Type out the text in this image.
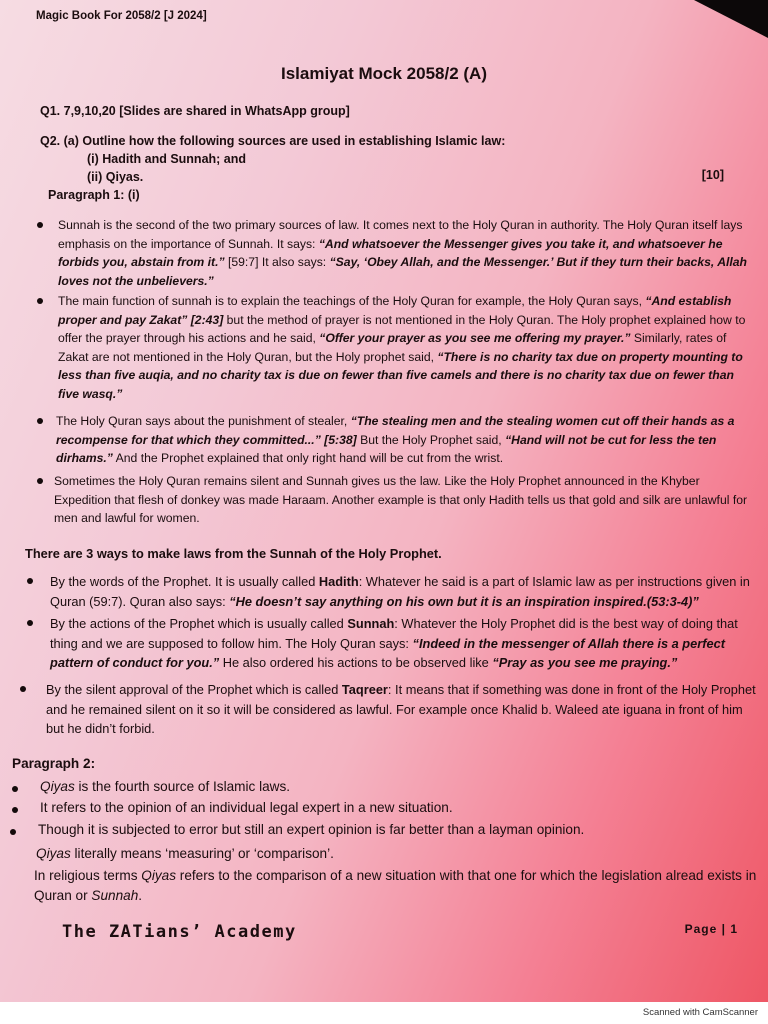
Magic Book For 2058/2 [J 2024]
Islamiyat Mock 2058/2 (A)
Q1. 7,9,10,20 [Slides are shared in WhatsApp group]
Q2. (a) Outline how the following sources are used in establishing Islamic law:
(i) Hadith and Sunnah; and
(ii) Qiyas.	[10]
Paragraph 1: (i)
Sunnah is the second of the two primary sources of law. It comes next to the Holy Quran in authority. The Holy Quran itself lays emphasis on the importance of Sunnah. It says: “And whatsoever the Messenger gives you take it, and whatsoever he forbids you, abstain from it.” [59:7] It also says: “Say, ‘Obey Allah, and the Messenger.’ But if they turn their backs, Allah loves not the unbelievers.”
The main function of sunnah is to explain the teachings of the Holy Quran for example, the Holy Quran says, “And establish proper and pay Zakat” [2:43] but the method of prayer is not mentioned in the Holy Quran. The Holy prophet explained how to offer the prayer through his actions and he said, “Offer your prayer as you see me offering my prayer.” Similarly, rates of Zakat are not mentioned in the Holy Quran, but the Holy prophet said, “There is no charity tax due on property mounting to less than five auqia, and no charity tax is due on fewer than five camels and there is no charity tax due on fewer than five wasq.”
The Holy Quran says about the punishment of stealer, “The stealing men and the stealing women cut off their hands as a recompense for that which they committed...” [5:38] But the Holy Prophet said, “Hand will not be cut for less the ten dirhams.” And the Prophet explained that only right hand will be cut from the wrist.
Sometimes the Holy Quran remains silent and Sunnah gives us the law. Like the Holy Prophet announced in the Khyber Expedition that flesh of donkey was made Haraam. Another example is that only Hadith tells us that gold and silk are unlawful for men and lawful for women.
There are 3 ways to make laws from the Sunnah of the Holy Prophet.
By the words of the Prophet. It is usually called Hadith: Whatever he said is a part of Islamic law as per instructions given in Quran (59:7). Quran also says: “He doesn’t say anything on his own but it is an inspiration inspired.(53:3-4)”
By the actions of the Prophet which is usually called Sunnah: Whatever the Holy Prophet did is the best way of doing that thing and we are supposed to follow him. The Holy Quran says: “Indeed in the messenger of Allah there is a perfect pattern of conduct for you.” He also ordered his actions to be observed like “Pray as you see me praying.”
By the silent approval of the Prophet which is called Taqreer: It means that if something was done in front of the Holy Prophet and he remained silent on it so it will be considered as lawful. For example once Khalid b. Waleed ate iguana in front of him but he didn’t forbid.
Paragraph 2:
Qiyas is the fourth source of Islamic laws.
It refers to the opinion of an individual legal expert in a new situation.
Though it is subjected to error but still an expert opinion is far better than a layman opinion.
Qiyas literally means ‘measuring’ or ‘comparison’.
In religious terms Qiyas refers to the comparison of a new situation with that one for which the legislation alread exists in Quran or Sunnah.
The ZATians’ Academy	Page | 1
Scanned with CamScanner
